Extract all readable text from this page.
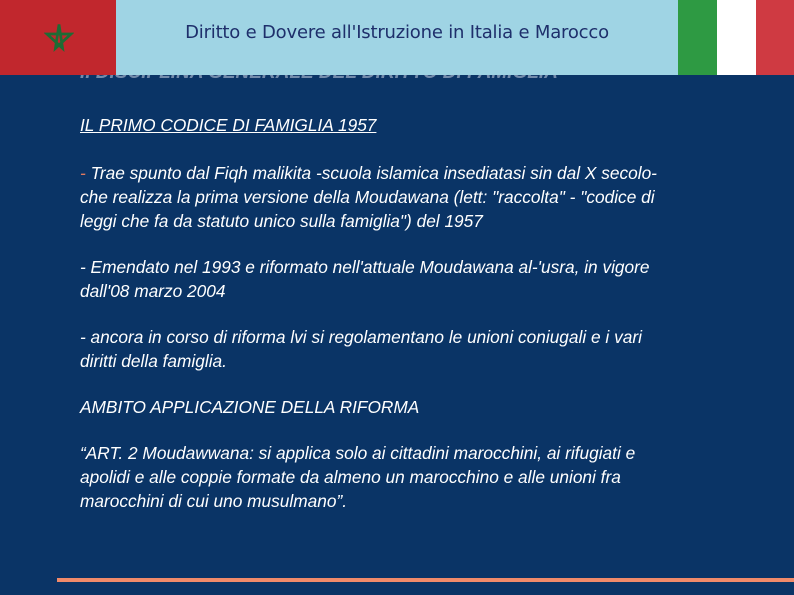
Diritto e Dovere all'Istruzione in Italia e Marocco

IL PRIMO CODICE DI FAMIGLIA 1957

- Trae spunto dal Fiqh malikita -scuola islamica insediatasi sin dal X secolo- che realizza la prima versione della Moudawana (lett: "raccolta" - "codice di leggi che fa da statuto unico sulla famiglia") del 1957

- Emendato nel 1993 e riformato nell'attuale Moudawana al-'usra, in vigore dall'08 marzo 2004

- ancora in corso di riforma lvi si regolamentano le unioni coniugali e i vari diritti della famiglia.

AMBITO APPLICAZIONE DELLA RIFORMA

“ART. 2 Moudawwana: si applica solo ai cittadini marocchini, ai rifugiati e apolidi e alle coppie formate da almeno un marocchino e alle unioni fra marocchini di cui uno musulmano”.
